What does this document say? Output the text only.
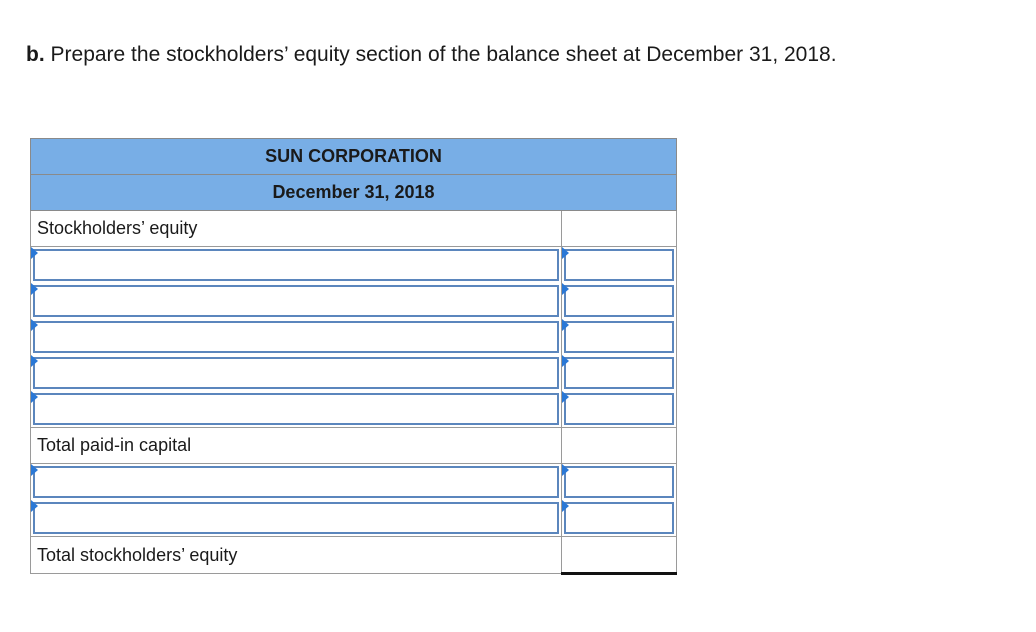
b. Prepare the stockholders’ equity section of the balance sheet at December 31, 2018.
SUN CORPORATION	
December 31, 2018	
Stockholders’ equity	

Total paid-in capital	

Total stockholders’ equity	
